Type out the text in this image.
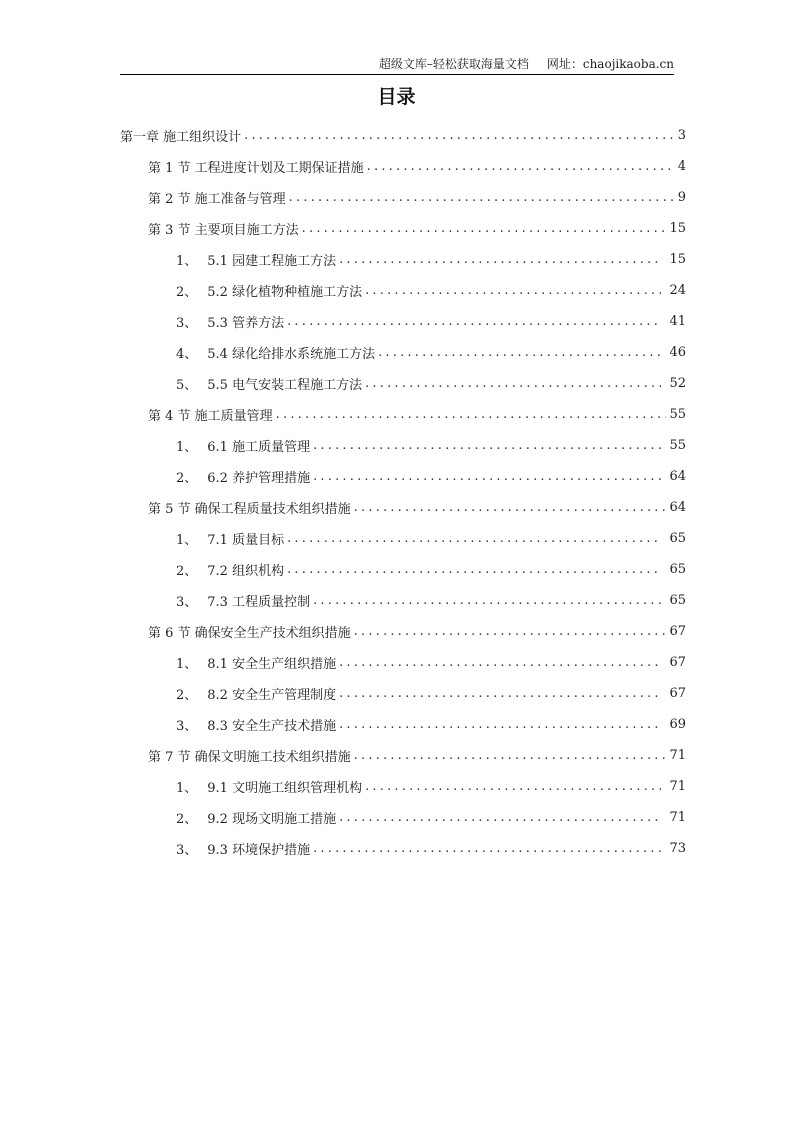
超级文库–轻松获取海量文档 网址：chaojikaoba.cn
目录
第一章 施工组织设计 .....	3
第 1 节 工程进度计划及工期保证措施 .....	4
第 2 节 施工准备与管理 .....	9
第 3 节 主要项目施工方法 .....	15
1、 5.1 园建工程施工方法 .....	15
2、 5.2 绿化植物种植施工方法 .....	24
3、 5.3 管养方法 .....	41
4、 5.4 绿化给排水系统施工方法 .....	46
5、 5.5 电气安装工程施工方法 .....	52
第 4 节 施工质量管理 .....	55
1、 6.1 施工质量管理 .....	55
2、 6.2 养护管理措施 .....	64
第 5 节 确保工程质量技术组织措施 .....	64
1、 7.1 质量目标 .....	65
2、 7.2 组织机构 .....	65
3、 7.3 工程质量控制 .....	65
第 6 节 确保安全生产技术组织措施 .....	67
1、 8.1 安全生产组织措施 .....	67
2、 8.2 安全生产管理制度 .....	67
3、 8.3 安全生产技术措施 .....	69
第 7 节 确保文明施工技术组织措施 .....	71
1、 9.1 文明施工组织管理机构 .....	71
2、 9.2 现场文明施工措施 .....	71
3、 9.3 环境保护措施 .....	73
